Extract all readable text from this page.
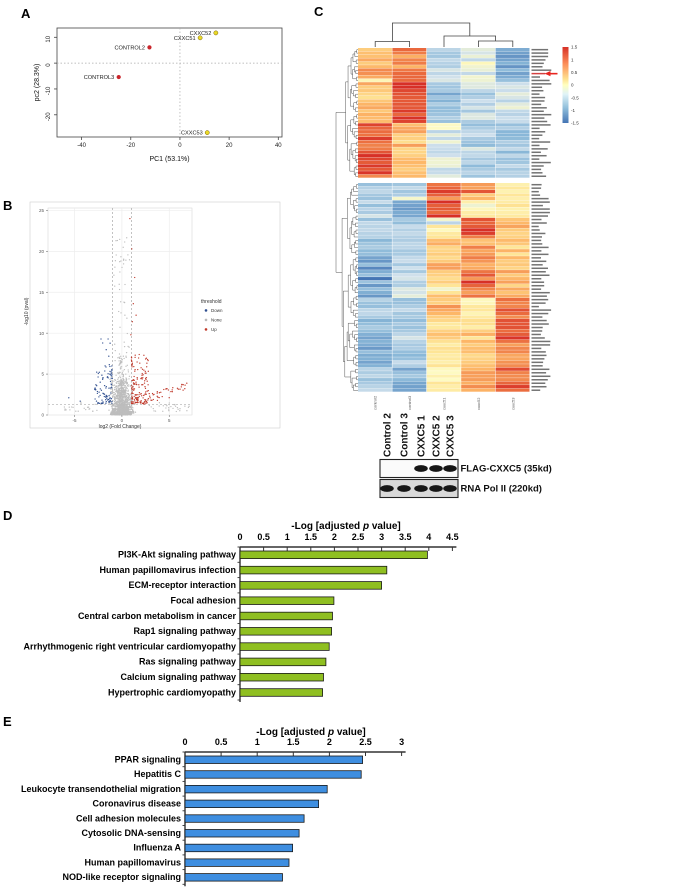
A
B
C
D
E
-40	-20	0	20	40
10
0
-10
-20
PC1 (53.1%)
pc2 (28.3%)
CONTROL2
CONTROL3
CXXC51
CXXC52
CXXC53
-5	0	5
0
5
10
15
20
25
log2 (Fold Change)
-log10 (pval)	threshold
Down
None
Up
control2	control3	cxxc51	cxxc52	cxxc53
1.5
1
0.5
0
-0.5
-1
-1.5
Control 2 Control 3 CXXC5 1 CXXC5 2 CXXC5 3
FLAG-CXXC5 (35kd)
RNA Pol II (220kd)
-Log [adjusted p value]
0 0.5 1 1.5 2 2.5 3 3.5 4 4.5
PI3K-Akt signaling pathway
Human papillomavirus infection
ECM-receptor interaction
Focal adhesion
Central carbon metabolism in cancer
Rap1 signaling pathway
Arrhythmogenic right ventricular cardiomyopathy
Ras signaling pathway
Calcium signaling pathway
Hypertrophic cardiomyopathy
-Log [adjusted p value]
0	0.5	1	1.5	2	2.5	3
PPAR signaling
Hepatitis C
Leukocyte transendothelial migration
Coronavirus disease
Cell adhesion molecules
Cytosolic DNA-sensing
Influenza A
Human papillomavirus
NOD-like receptor signaling
